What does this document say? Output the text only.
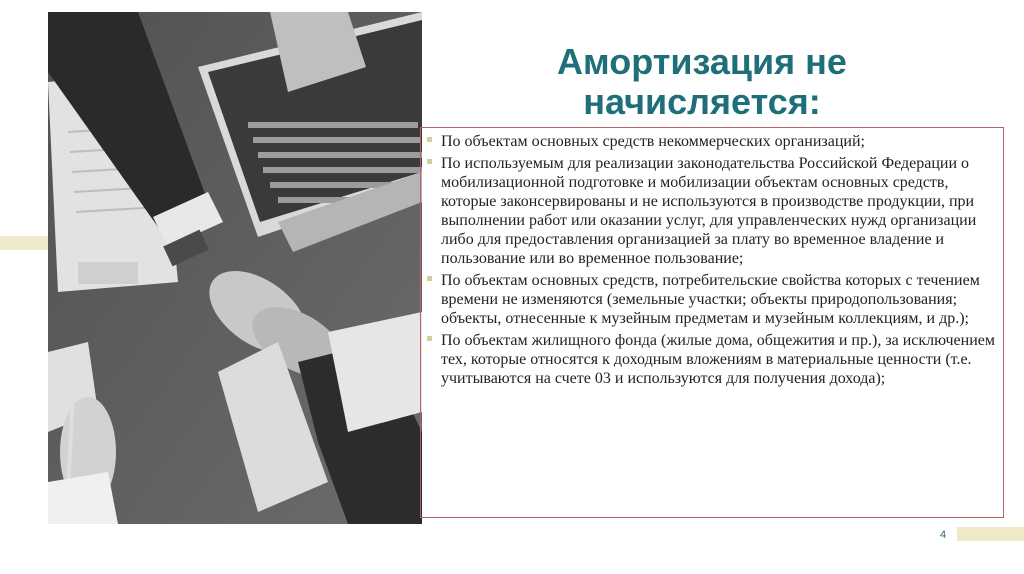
Амортизация не начисляется:
По объектам основных средств некоммерческих организаций;
По используемым для реализации законодательства Российской Федерации о мобилизационной подготовке и мобилизации объектам основных средств, которые законсервированы и не используются в производстве продукции, при выполнении работ или оказании услуг, для управленческих нужд организации либо для предоставления организацией за плату во временное владение и пользование или во временное пользование;
По объектам основных средств, потребительские свойства которых с течением времени не изменяются (земельные участки; объекты природопользования; объекты, отнесенные к музейным предметам и музейным коллекциям, и др.);
По объектам жилищного фонда (жилые дома, общежития и пр.), за исключением тех, которые относятся к доходным вложениям в материальные ценности (т.е. учитываются на счете 03 и используются для получения дохода);
4
